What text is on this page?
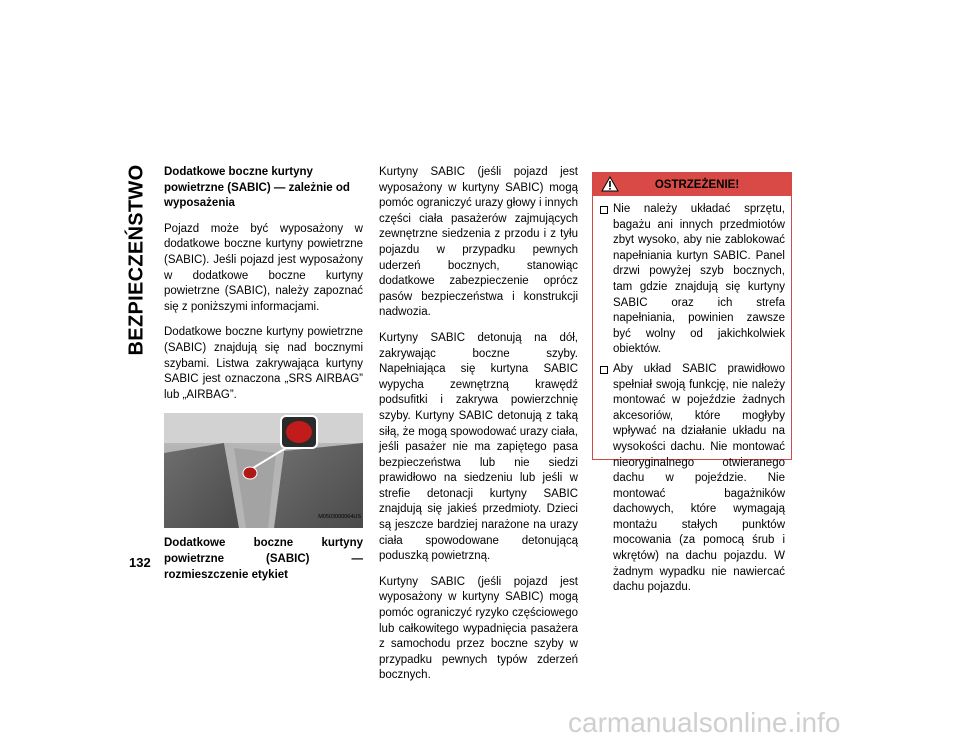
BEZPIECZEŃSTWO Dodatkowe boczne kurtyny powietrzne (SABIC) — zależnie od wyposażenia

Pojazd może być wyposażony w dodatkowe boczne kurtyny powietrzne (SABIC). Jeśli pojazd jest wyposażony w dodatkowe boczne kurtyny powietrzne (SABIC), należy zapoznać się z poniższymi informacjami.

Dodatkowe boczne kurtyny powietrzne (SABIC) znajdują się nad bocznymi szybami. Listwa zakrywająca kurtyny SABIC jest oznaczona „SRS AIRBAG” lub „AIRBAG”.

M0503000064US

Dodatkowe boczne kurtyny powietrzne (SABIC) — rozmieszczenie etykiet

Kurtyny SABIC (jeśli pojazd jest wyposażony w kurtyny SABIC) mogą pomóc ograniczyć urazy głowy i innych części ciała pasażerów zajmujących zewnętrzne siedzenia z przodu i z tyłu pojazdu w przypadku pewnych uderzeń bocznych, stanowiąc dodatkowe zabezpieczenie oprócz pasów bezpieczeństwa i konstrukcji nadwozia.

Kurtyny SABIC detonują na dół, zakrywając boczne szyby. Napełniająca się kurtyna SABIC wypycha zewnętrzną krawędź podsufitki i zakrywa powierzchnię szyby. Kurtyny SABIC detonują z taką siłą, że mogą spowodować urazy ciała, jeśli pasażer nie ma zapiętego pasa bezpieczeństwa lub nie siedzi prawidłowo na siedzeniu lub jeśli w strefie detonacji kurtyny SABIC znajdują się jakieś przedmioty. Dzieci są jeszcze bardziej narażone na urazy ciała spowodowane detonującą poduszką powietrzną.

Kurtyny SABIC (jeśli pojazd jest wyposażony w kurtyny SABIC) mogą pomóc ograniczyć ryzyko częściowego lub całkowitego wypadnięcia pasażera z samochodu przez boczne szyby w przypadku pewnych typów zderzeń bocznych.

OSTRZEŻENIE!
Nie należy układać sprzętu, bagażu ani innych przedmiotów zbyt wysoko, aby nie zablokować napełniania kurtyn SABIC. Panel drzwi powyżej szyb bocznych, tam gdzie znajdują się kurtyny SABIC oraz ich strefa napełniania, powinien zawsze być wolny od jakichkolwiek obiektów.
Aby układ SABIC prawidłowo spełniał swoją funkcję, nie należy montować w pojeździe żadnych akcesoriów, które mogłyby wpływać na działanie układu na wysokości dachu. Nie montować nieoryginalnego otwieranego dachu w pojeździe. Nie montować bagażników dachowych, które wymagają montażu stałych punktów mocowania (za pomocą śrub i wkrętów) na dachu pojazdu. W żadnym wypadku nie nawiercać dachu pojazdu.
132
carmanualsonline.info
